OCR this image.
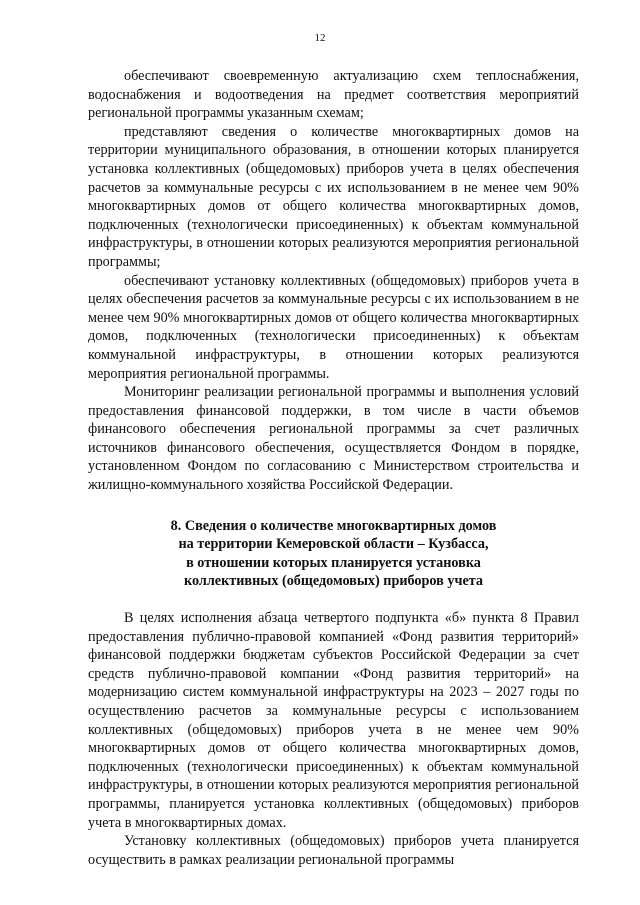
12

обеспечивают своевременную актуализацию схем теплоснабжения, водоснабжения и водоотведения на предмет соответствия мероприятий региональной программы указанным схемам;

представляют сведения о количестве многоквартирных домов на территории муниципального образования, в отношении которых планируется установка коллективных (общедомовых) приборов учета в целях обеспечения расчетов за коммунальные ресурсы с их использованием в не менее чем 90% многоквартирных домов от общего количества многоквартирных домов, подключенных (технологически присоединенных) к объектам коммунальной инфраструктуры, в отношении которых реализуются мероприятия региональной программы;

обеспечивают установку коллективных (общедомовых) приборов учета в целях обеспечения расчетов за коммунальные ресурсы с их использованием в не менее чем 90% многоквартирных домов от общего количества многоквартирных домов, подключенных (технологически присоединенных) к объектам коммунальной инфраструктуры, в отношении которых реализуются мероприятия региональной программы.

Мониторинг реализации региональной программы и выполнения условий предоставления финансовой поддержки, в том числе в части объемов финансового обеспечения региональной программы за счет различных источников финансового обеспечения, осуществляется Фондом в порядке, установленном Фондом по согласованию с Министерством строительства и жилищно-коммунального хозяйства Российской Федерации.

8. Сведения о количестве многоквартирных домов
на территории Кемеровской области – Кузбасса,
в отношении которых планируется установка
коллективных (общедомовых) приборов учета

В целях исполнения абзаца четвертого подпункта «б» пункта 8 Правил предоставления публично-правовой компанией «Фонд развития территорий» финансовой поддержки бюджетам субъектов Российской Федерации за счет средств публично-правовой компании «Фонд развития территорий» на модернизацию систем коммунальной инфраструктуры на 2023 – 2027 годы по осуществлению расчетов за коммунальные ресурсы с использованием коллективных (общедомовых) приборов учета в не менее чем 90% многоквартирных домов от общего количества многоквартирных домов, подключенных (технологически присоединенных) к объектам коммунальной инфраструктуры, в отношении которых реализуются мероприятия региональной программы, планируется установка коллективных (общедомовых) приборов учета в многоквартирных домах.

Установку коллективных (общедомовых) приборов учета планируется осуществить в рамках реализации региональной программы
